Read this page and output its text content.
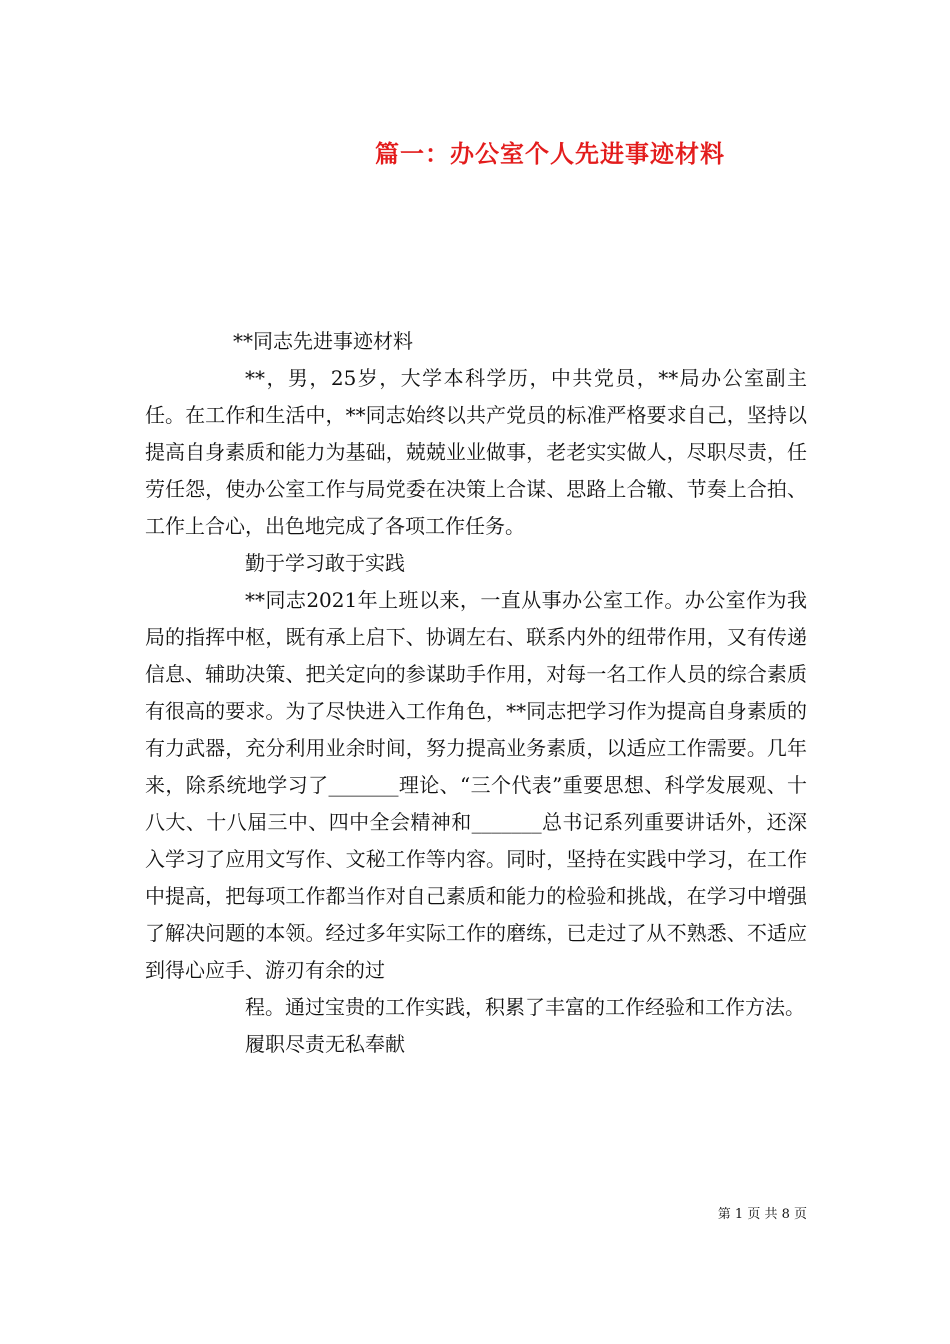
篇一：办公室个人先进事迹材料

**同志先进事迹材料

**，男，25岁，大学本科学历，中共党员，**局办公室副主任。在工作和生活中，**同志始终以共产党员的标准严格要求自己，坚持以提高自身素质和能力为基础，兢兢业业做事，老老实实做人，尽职尽责，任劳任怨，使办公室工作与局党委在决策上合谋、思路上合辙、节奏上合拍、工作上合心，出色地完成了各项工作任务。

勤于学习敢于实践

**同志2021年上班以来，一直从事办公室工作。办公室作为我局的指挥中枢，既有承上启下、协调左右、联系内外的纽带作用，又有传递信息、辅助决策、把关定向的参谋助手作用，对每一名工作人员的综合素质有很高的要求。为了尽快进入工作角色，**同志把学习作为提高自身素质的有力武器，充分利用业余时间，努力提高业务素质，以适应工作需要。几年来，除系统地学习了_______理论、“三个代表”重要思想、科学发展观、十八大、十八届三中、四中全会精神和_______总书记系列重要讲话外，还深入学习了应用文写作、文秘工作等内容。同时，坚持在实践中学习，在工作中提高，把每项工作都当作对自己素质和能力的检验和挑战，在学习中增强了解决问题的本领。经过多年实际工作的磨练，已走过了从不熟悉、不适应到得心应手、游刃有余的过

程。通过宝贵的工作实践，积累了丰富的工作经验和工作方法。

履职尽责无私奉献

第 1 页 共 8 页
